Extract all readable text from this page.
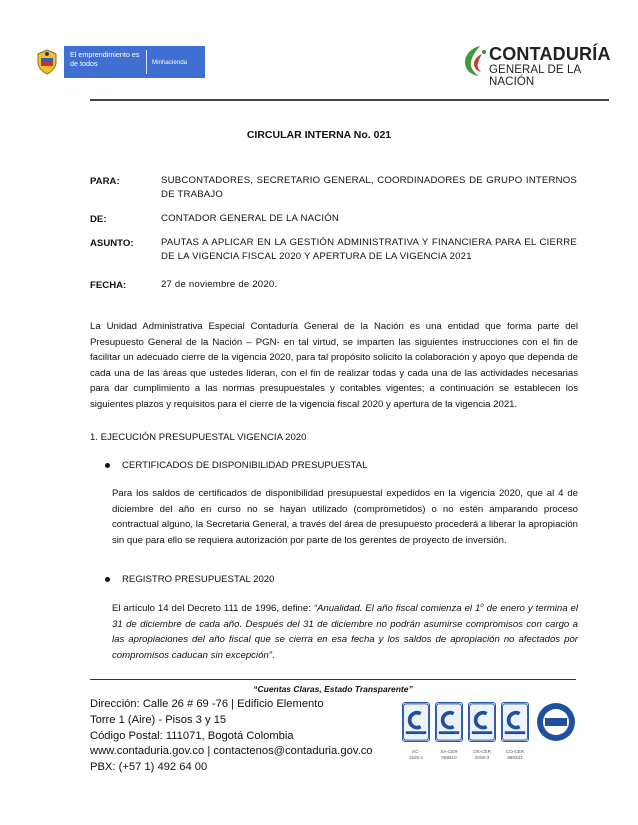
El emprendimiento es de todos	Minhacienda	CONTADURÍA
GENERAL DE LA NACIÓN
CIRCULAR INTERNA No. 021
PARA:	SUBCONTADORES, SECRETARIO GENERAL, COORDINADORES DE GRUPO INTERNOS DE TRABAJO
DE:	CONTADOR GENERAL DE LA NACIÓN
ASUNTO:	PAUTAS A APLICAR EN LA GESTIÓN ADMINISTRATIVA Y FINANCIERA PARA EL CIERRE DE LA VIGENCIA FISCAL 2020 Y APERTURA DE LA VIGENCIA 2021
FECHA:	27 de noviembre de 2020.
La Unidad Administrativa Especial Contaduría General de la Nación es una entidad que forma parte del Presupuesto General de la Nación – PGN- en tal virtud, se imparten las siguientes instrucciones con el fin de facilitar un adecuado cierre de la vigencia 2020, para tal propósito solicito la colaboración y apoyo que dependa de cada una de las áreas que ustedes lideran, con el fin de realizar todas y cada una de las actividades necesarias para dar cumplimiento a las normas presupuestales y contables vigentes; a continuación se establecen los siguientes plazos y requisitos para el cierre de la vigencia fiscal 2020 y apertura de la vigencia 2021.
1. EJECUCIÓN PRESUPUESTAL VIGENCIA 2020
CERTIFICADOS DE DISPONIBILIDAD PRESUPUESTAL
Para los saldos de certificados de disponibilidad presupuestal expedidos en la vigencia 2020, que al 4 de diciembre del año en curso no se hayan utilizado (comprometidos) o no estén amparando proceso contractual alguno, la Secretaria General, a través del área de presupuesto procederá a liberar la apropiación sin que para ello se requiera autorización por parte de los gerentes de proyecto de inversión.
REGISTRO PRESUPUESTAL 2020
El artículo 14 del Decreto 111 de 1996, define: “Anualidad. El año fiscal comienza el 1$^o$ de enero y termina el 31 de diciembre de cada año. Después del 31 de diciembre no podrán asumirse compromisos con cargo a las apropiaciones del año fiscal que se cierra en esa fecha y los saldos de apropiación no afectados por compromisos caducan sin excepción”.
“Cuentas Claras, Estado Transparente”
Dirección: Calle 26 # 69 -76 | Edificio Elemento
Torre 1 (Aire) - Pisos 3 y 15
Código Postal: 111071, Bogotá Colombia
www.contaduria.gov.co | contactenos@contaduria.gov.co
PBX: (+57 1) 492 64 00
SC-
1925-1
SA-CER
008610
OS-CER
2000-3
CO-CER
880342
